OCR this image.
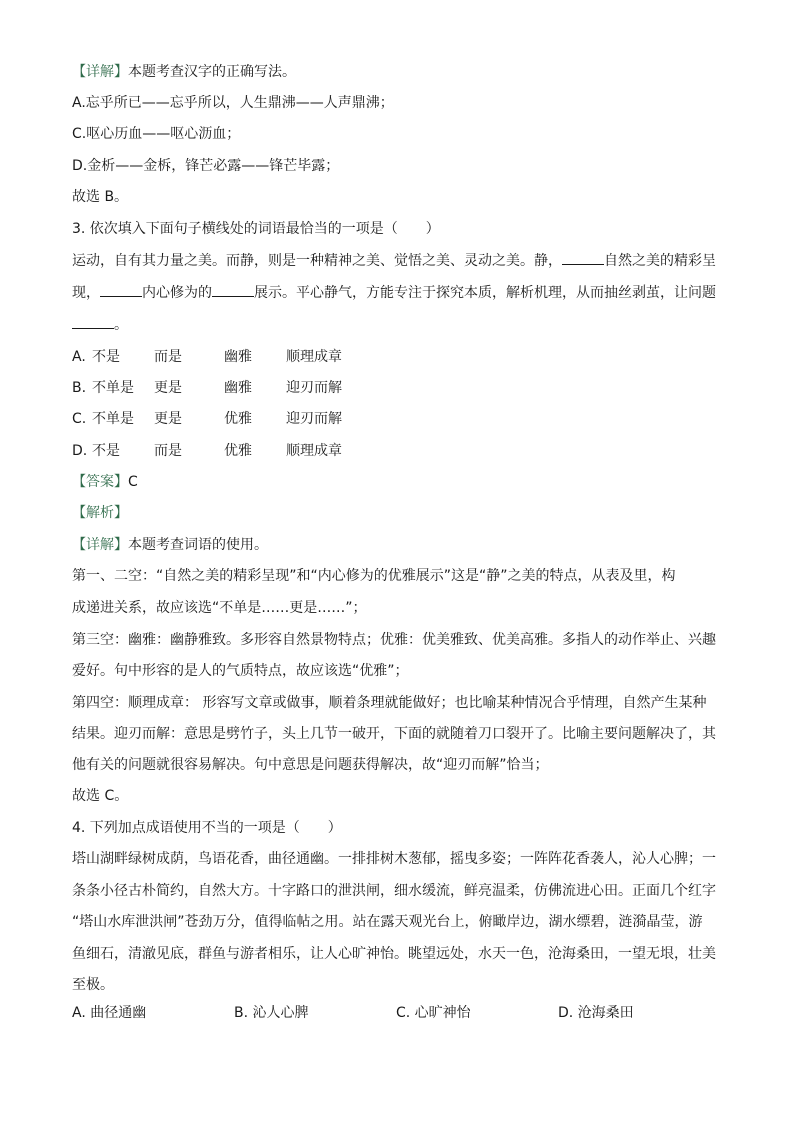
【详解】本题考查汉字的正确写法。
A.忘乎所已——忘乎所以，人生鼎沸——人声鼎沸；
C.呕心历血——呕心沥血；
D.金析——金柝，锋芒必露——锋芒毕露；
故选 B。
3. 依次填入下面句子横线处的词语最恰当的一项是（　　）
运动，自有其力量之美。而静，则是一种精神之美、觉悟之美、灵动之美。静，	自然之美的精彩呈
现，	内心修为的	展示。平心静气，方能专注于探究本质，解析机理，从而抽丝剥茧，让问题
。
A. 不是 而是	幽雅 顺理成章
B. 不单是 更是	幽雅 迎刃而解
C. 不单是 更是	优雅 迎刃而解
D. 不是 而是	优雅 顺理成章
【答案】C
【解析】
【详解】本题考查词语的使用。
第一、二空：“自然之美的精彩呈现”和“内心修为的优雅展示”这是“静”之美的特点，从表及里，构
成递进关系，故应该选“不单是……更是……”；
第三空：幽雅：幽静雅致。多形容自然景物特点；优雅：优美雅致、优美高雅。多指人的动作举止、兴趣
爱好。句中形容的是人的气质特点，故应该选“优雅”；
第四空：顺理成章： 形容写文章或做事，顺着条理就能做好；也比喻某种情况合乎情理，自然产生某种
结果。迎刃而解：意思是劈竹子，头上几节一破开，下面的就随着刀口裂开了。比喻主要问题解决了，其
他有关的问题就很容易解决。句中意思是问题获得解决，故“迎刃而解”恰当；
故选 C。
4. 下列加点成语使用不当的一项是（　　）
塔山湖畔绿树成荫，鸟语花香，曲径通幽。一排排树木葱郁，摇曳多姿；一阵阵花香袭人，沁人心脾；一
条条小径古朴简约，自然大方。十字路口的泄洪闸，细水缓流，鲜亮温柔，仿佛流进心田。正面几个红字
“塔山水库泄洪闸”苍劲万分，值得临帖之用。站在露天观光台上，俯瞰岸边，湖水缥碧，涟漪晶莹，游
鱼细石，清澈见底，群鱼与游者相乐，让人心旷神怡。眺望远处，水天一色，沧海桑田，一望无垠，壮美
至极。
A. 曲径通幽	B. 沁人心脾	C. 心旷神怡	D. 沧海桑田
